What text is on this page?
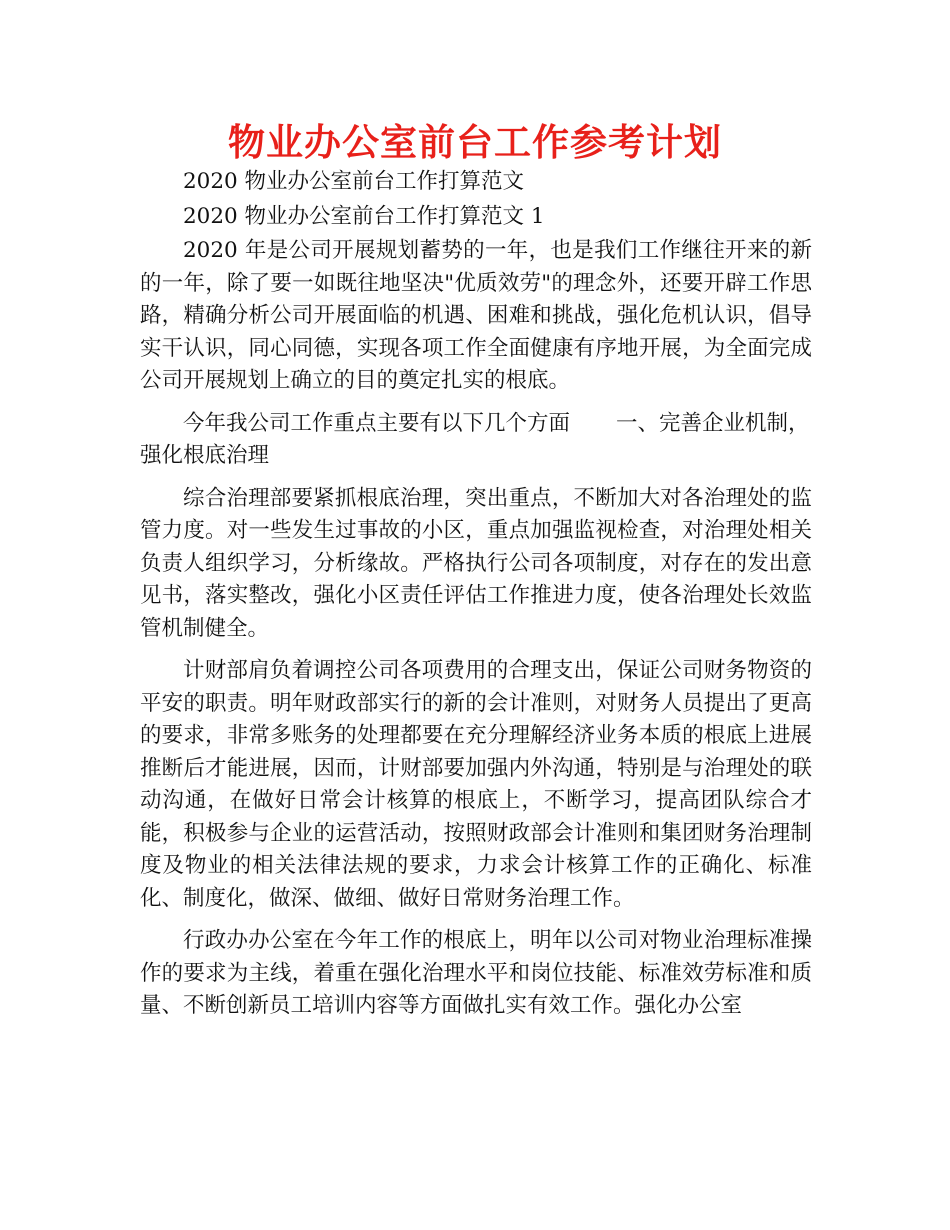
物业办公室前台工作参考计划

2020 物业办公室前台工作打算范文

2020 物业办公室前台工作打算范文 1

2020 年是公司开展规划蓄势的一年，也是我们工作继往开来的新的一年，除了要一如既往地坚决"优质效劳"的理念外，还要开辟工作思路，精确分析公司开展面临的机遇、困难和挑战，强化危机认识，倡导实干认识，同心同德，实现各项工作全面健康有序地开展，为全面完成公司开展规划上确立的目的奠定扎实的根底。

今年我公司工作重点主要有以下几个方面 一、完善企业机制，强化根底治理

综合治理部要紧抓根底治理，突出重点，不断加大对各治理处的监管力度。对一些发生过事故的小区，重点加强监视检查，对治理处相关负责人组织学习，分析缘故。严格执行公司各项制度，对存在的发出意见书，落实整改，强化小区责任评估工作推进力度，使各治理处长效监管机制健全。

计财部肩负着调控公司各项费用的合理支出，保证公司财务物资的平安的职责。明年财政部实行的新的会计准则，对财务人员提出了更高的要求，非常多账务的处理都要在充分理解经济业务本质的根底上进展推断后才能进展，因而，计财部要加强内外沟通，特别是与治理处的联动沟通，在做好日常会计核算的根底上，不断学习，提高团队综合才能，积极参与企业的运营活动，按照财政部会计准则和集团财务治理制度及物业的相关法律法规的要求，力求会计核算工作的正确化、标准化、制度化，做深、做细、做好日常财务治理工作。

行政办办公室在今年工作的根底上，明年以公司对物业治理标准操作的要求为主线，着重在强化治理水平和岗位技能、标准效劳标准和质量、不断创新员工培训内容等方面做扎实有效工作。强化办公室
